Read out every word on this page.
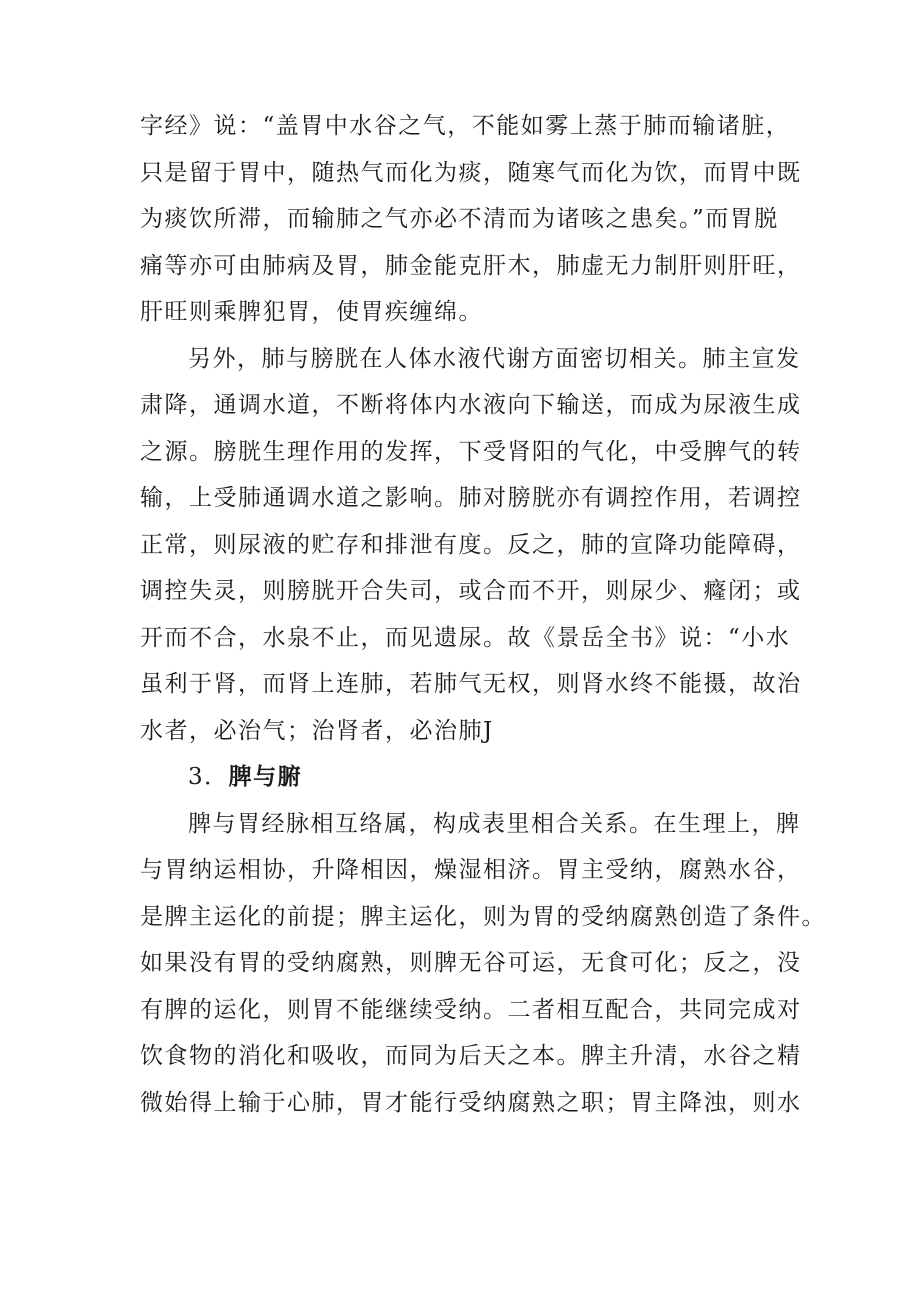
字经》说：“盖胃中水谷之气，不能如雾上蒸于肺而输诸脏，
只是留于胃中，随热气而化为痰，随寒气而化为饮，而胃中既
为痰饮所滞，而输肺之气亦必不清而为诸咳之患矣。”而胃脱
痛等亦可由肺病及胃，肺金能克肝木，肺虚无力制肝则肝旺，
肝旺则乘脾犯胃，使胃疾缠绵。
另外，肺与膀胱在人体水液代谢方面密切相关。肺主宣发
肃降，通调水道，不断将体内水液向下输送，而成为尿液生成
之源。膀胱生理作用的发挥，下受肾阳的气化，中受脾气的转
输，上受肺通调水道之影响。肺对膀胱亦有调控作用，若调控
正常，则尿液的贮存和排泄有度。反之，肺的宣降功能障碍，
调控失灵，则膀胱开合失司，或合而不开，则尿少、癃闭；或
开而不合，水泉不止，而见遗尿。故《景岳全书》说：“小水
虽利于肾，而肾上连肺，若肺气无权，则肾水终不能摄，故治
水者，必治气；治肾者，必治肺J
3．脾与腑
脾与胃经脉相互络属，构成表里相合关系。在生理上，脾
与胃纳运相协，升降相因，燥湿相济。胃主受纳，腐熟水谷，
是脾主运化的前提；脾主运化，则为胃的受纳腐熟创造了条件。
如果没有胃的受纳腐熟，则脾无谷可运，无食可化；反之，没
有脾的运化，则胃不能继续受纳。二者相互配合，共同完成对
饮食物的消化和吸收，而同为后天之本。脾主升清，水谷之精
微始得上输于心肺，胃才能行受纳腐熟之职；胃主降浊，则水
